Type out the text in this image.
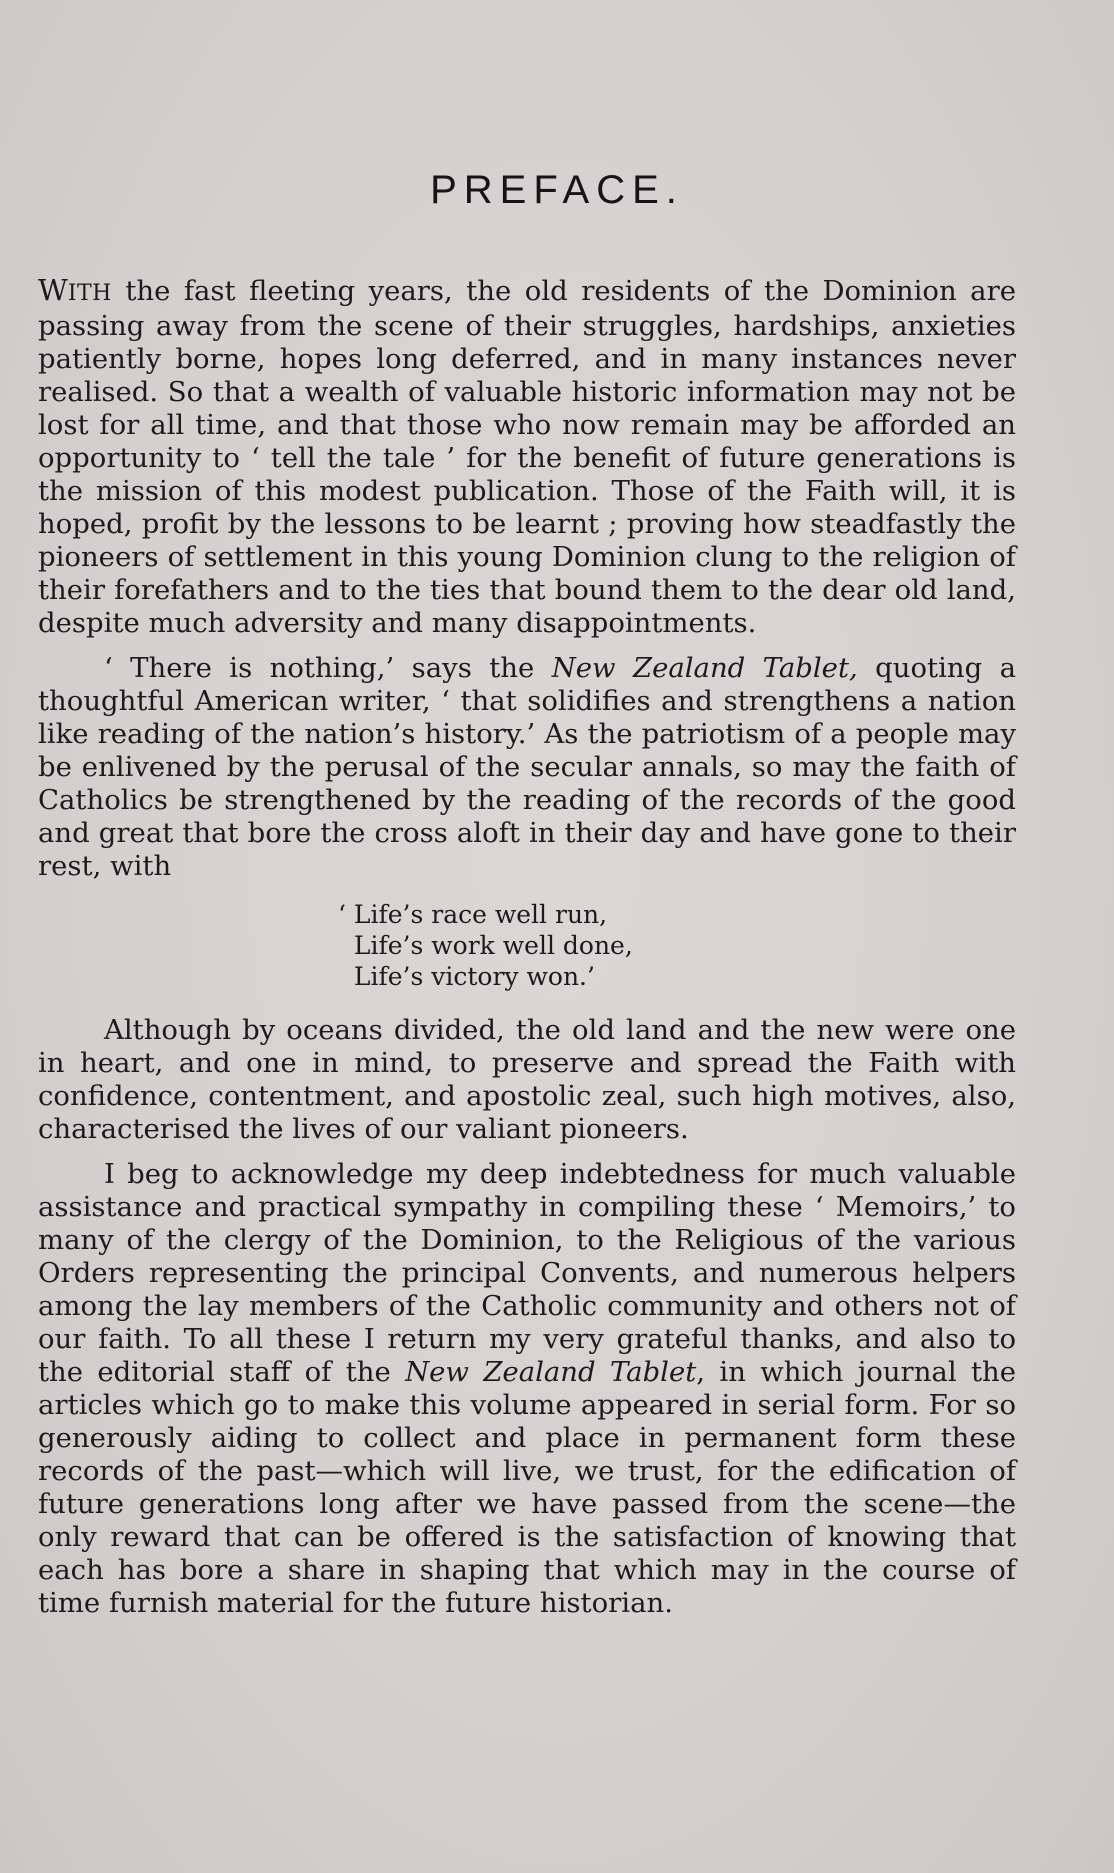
PREFACE.

WITH the fast fleeting years, the old residents of the Dominion are passing away from the scene of their struggles, hardships, anxieties patiently borne, hopes long deferred, and in many instances never realised. So that a wealth of valuable historic information may not be lost for all time, and that those who now remain may be afforded an opportunity to ‘ tell the tale ’ for the benefit of future generations is the mission of this modest publication. Those of the Faith will, it is hoped, profit by the lessons to be learnt ; proving how steadfastly the pioneers of settlement in this young Dominion clung to the religion of their forefathers and to the ties that bound them to the dear old land, despite much adversity and many disappointments.

‘ There is nothing,’ says the New Zealand Tablet, quoting a thoughtful American writer, ‘ that solidifies and strengthens a nation like reading of the nation’s history.’ As the patriotism of a people may be enlivened by the perusal of the secular annals, so may the faith of Catholics be strengthened by the reading of the records of the good and great that bore the cross aloft in their day and have gone to their rest, with

‘ Life’s race well run,
Life’s work well done,
Life’s victory won.’

Although by oceans divided, the old land and the new were one in heart, and one in mind, to preserve and spread the Faith with confidence, contentment, and apostolic zeal, such high motives, also, characterised the lives of our valiant pioneers.

I beg to acknowledge my deep indebtedness for much valuable assistance and practical sympathy in compiling these ‘ Memoirs,’ to many of the clergy of the Dominion, to the Religious of the various Orders representing the principal Convents, and numerous helpers among the lay members of the Catholic community and others not of our faith. To all these I return my very grateful thanks, and also to the editorial staff of the New Zealand Tablet, in which journal the articles which go to make this volume appeared in serial form. For so generously aiding to collect and place in permanent form these records of the past—which will live, we trust, for the edification of future generations long after we have passed from the scene—the only reward that can be offered is the satisfaction of knowing that each has bore a share in shaping that which may in the course of time furnish material for the future historian.
